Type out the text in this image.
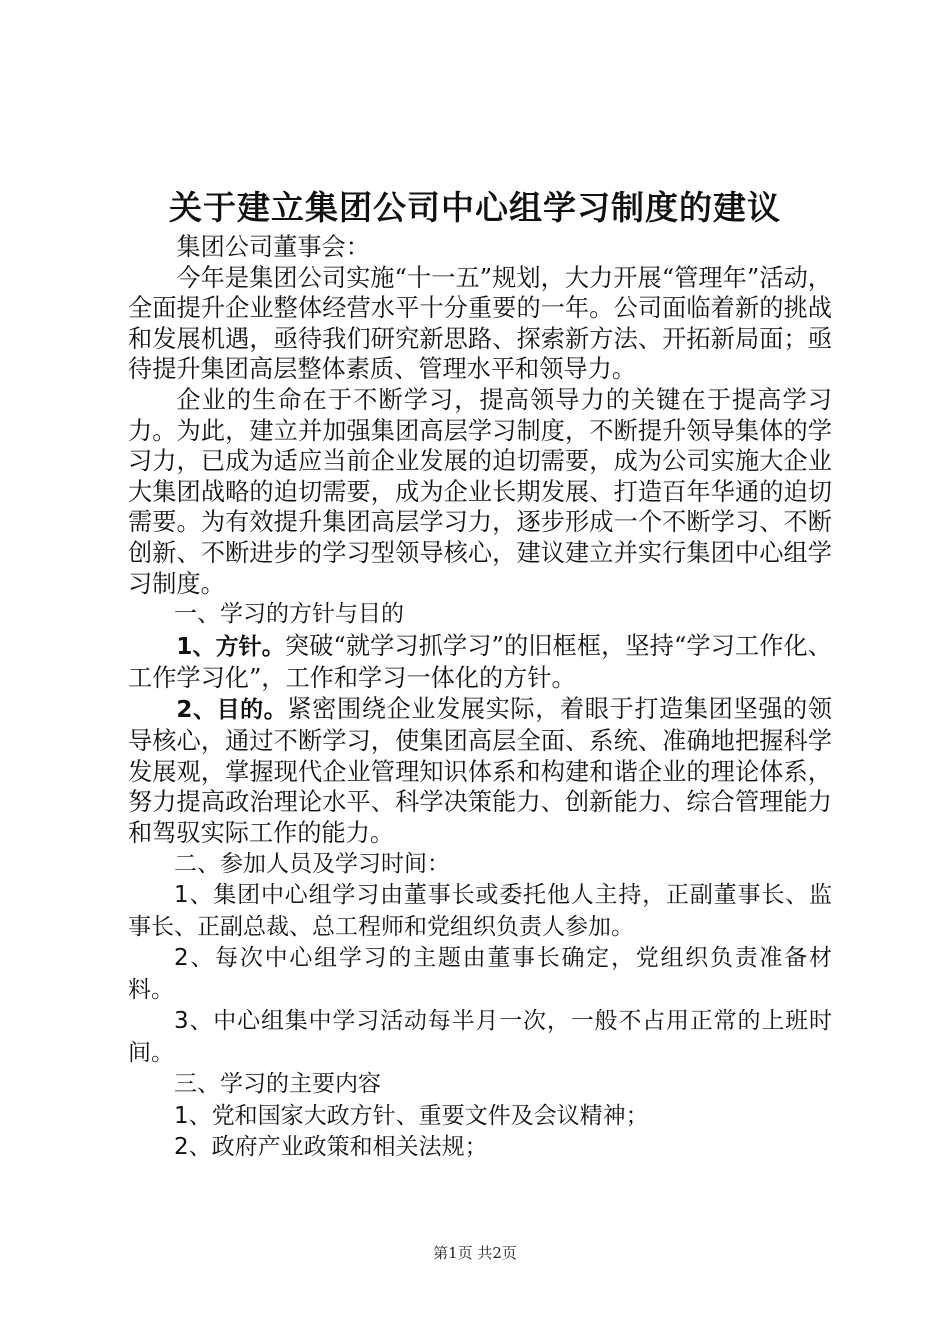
关于建立集团公司中心组学习制度的建议

集团公司董事会：

今年是集团公司实施“十一五”规划，大力开展“管理年”活动，全面提升企业整体经营水平十分重要的一年。公司面临着新的挑战和发展机遇，亟待我们研究新思路、探索新方法、开拓新局面；亟待提升集团高层整体素质、管理水平和领导力。

企业的生命在于不断学习，提高领导力的关键在于提高学习力。为此，建立并加强集团高层学习制度，不断提升领导集体的学习力，已成为适应当前企业发展的迫切需要，成为公司实施大企业大集团战略的迫切需要，成为企业长期发展、打造百年华通的迫切需要。为有效提升集团高层学习力，逐步形成一个不断学习、不断创新、不断进步的学习型领导核心，建议建立并实行集团中心组学习制度。

一、学习的方针与目的

1、方针。突破“就学习抓学习”的旧框框，坚持“学习工作化、工作学习化”，工作和学习一体化的方针。

2、目的。紧密围绕企业发展实际，着眼于打造集团坚强的领导核心，通过不断学习，使集团高层全面、系统、准确地把握科学发展观，掌握现代企业管理知识体系和构建和谐企业的理论体系，努力提高政治理论水平、科学决策能力、创新能力、综合管理能力和驾驭实际工作的能力。

二、参加人员及学习时间：

1、集团中心组学习由董事长或委托他人主持，正副董事长、监事长、正副总裁、总工程师和党组织负责人参加。

2、每次中心组学习的主题由董事长确定，党组织负责准备材料。

3、中心组集中学习活动每半月一次，一般不占用正常的上班时间。

三、学习的主要内容

1、党和国家大政方针、重要文件及会议精神；

2、政府产业政策和相关法规；

第1页 共2页
